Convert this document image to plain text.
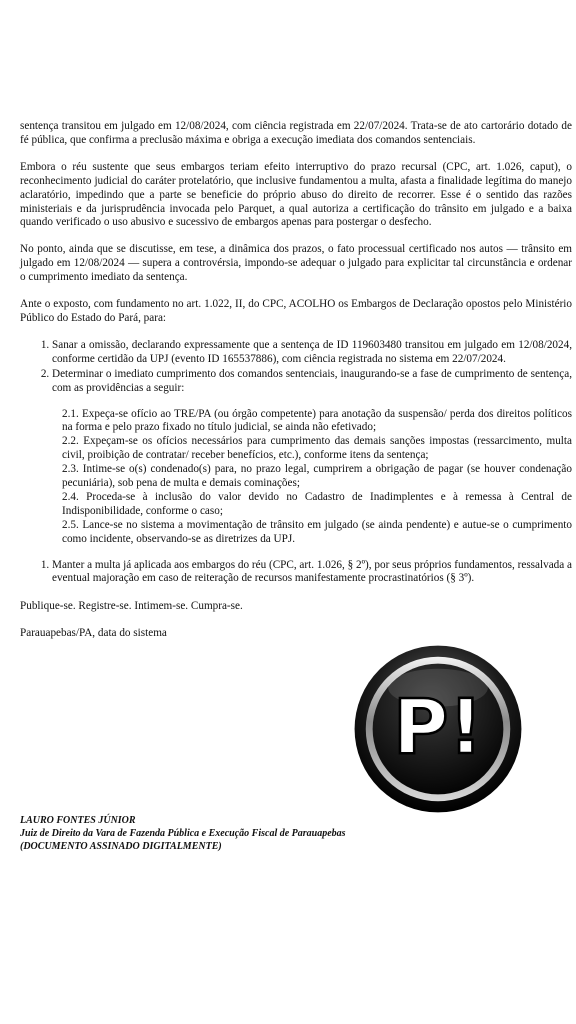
sentença transitou em julgado em 12/08/2024, com ciência registrada em 22/07/2024. Trata-se de ato cartorário dotado de fé pública, que confirma a preclusão máxima e obriga a execução imediata dos comandos sentenciais.

Embora o réu sustente que seus embargos teriam efeito interruptivo do prazo recursal (CPC, art. 1.026, caput), o reconhecimento judicial do caráter protelatório, que inclusive fundamentou a multa, afasta a finalidade legítima do manejo aclaratório, impedindo que a parte se beneficie do próprio abuso do direito de recorrer. Esse é o sentido das razões ministeriais e da jurisprudência invocada pelo Parquet, a qual autoriza a certificação do trânsito em julgado e a baixa quando verificado o uso abusivo e sucessivo de embargos apenas para postergar o desfecho.

No ponto, ainda que se discutisse, em tese, a dinâmica dos prazos, o fato processual certificado nos autos — trânsito em julgado em 12/08/2024 — supera a controvérsia, impondo-se adequar o julgado para explicitar tal circunstância e ordenar o cumprimento imediato da sentença.

Ante o exposto, com fundamento no art. 1.022, II, do CPC, ACOLHO os Embargos de Declaração opostos pelo Ministério Público do Estado do Pará, para:

1. Sanar a omissão, declarando expressamente que a sentença de ID 119603480 transitou em julgado em 12/08/2024, conforme certidão da UPJ (evento ID 165537886), com ciência registrada no sistema em 22/07/2024.
2. Determinar o imediato cumprimento dos comandos sentenciais, inaugurando-se a fase de cumprimento de sentença, com as providências a seguir:
2.1. Expeça-se ofício ao TRE/PA (ou órgão competente) para anotação da suspensão/ perda dos direitos políticos na forma e pelo prazo fixado no título judicial, se ainda não efetivado;
2.2. Expeçam-se os ofícios necessários para cumprimento das demais sanções impostas (ressarcimento, multa civil, proibição de contratar/ receber benefícios, etc.), conforme itens da sentença;
2.3. Intime-se o(s) condenado(s) para, no prazo legal, cumprirem a obrigação de pagar (se houver condenação pecuniária), sob pena de multa e demais cominações;
2.4. Proceda-se à inclusão do valor devido no Cadastro de Inadimplentes e à remessa à Central de Indisponibilidade, conforme o caso;
2.5. Lance-se no sistema a movimentação de trânsito em julgado (se ainda pendente) e autue-se o cumprimento como incidente, observando-se as diretrizes da UPJ.
1. Manter a multa já aplicada aos embargos do réu (CPC, art. 1.026, § 2º), por seus próprios fundamentos, ressalvada a eventual majoração em caso de reiteração de recursos manifestamente procrastinatórios (§ 3º).

Publique-se. Registre-se. Intimem-se. Cumpra-se.

Parauapebas/PA, data do sistema

LAURO FONTES JÚNIOR

Juiz de Direito da Vara de Fazenda Pública e Execução Fiscal de Parauapebas

(DOCUMENTO ASSINADO DIGITALMENTE)

P!
